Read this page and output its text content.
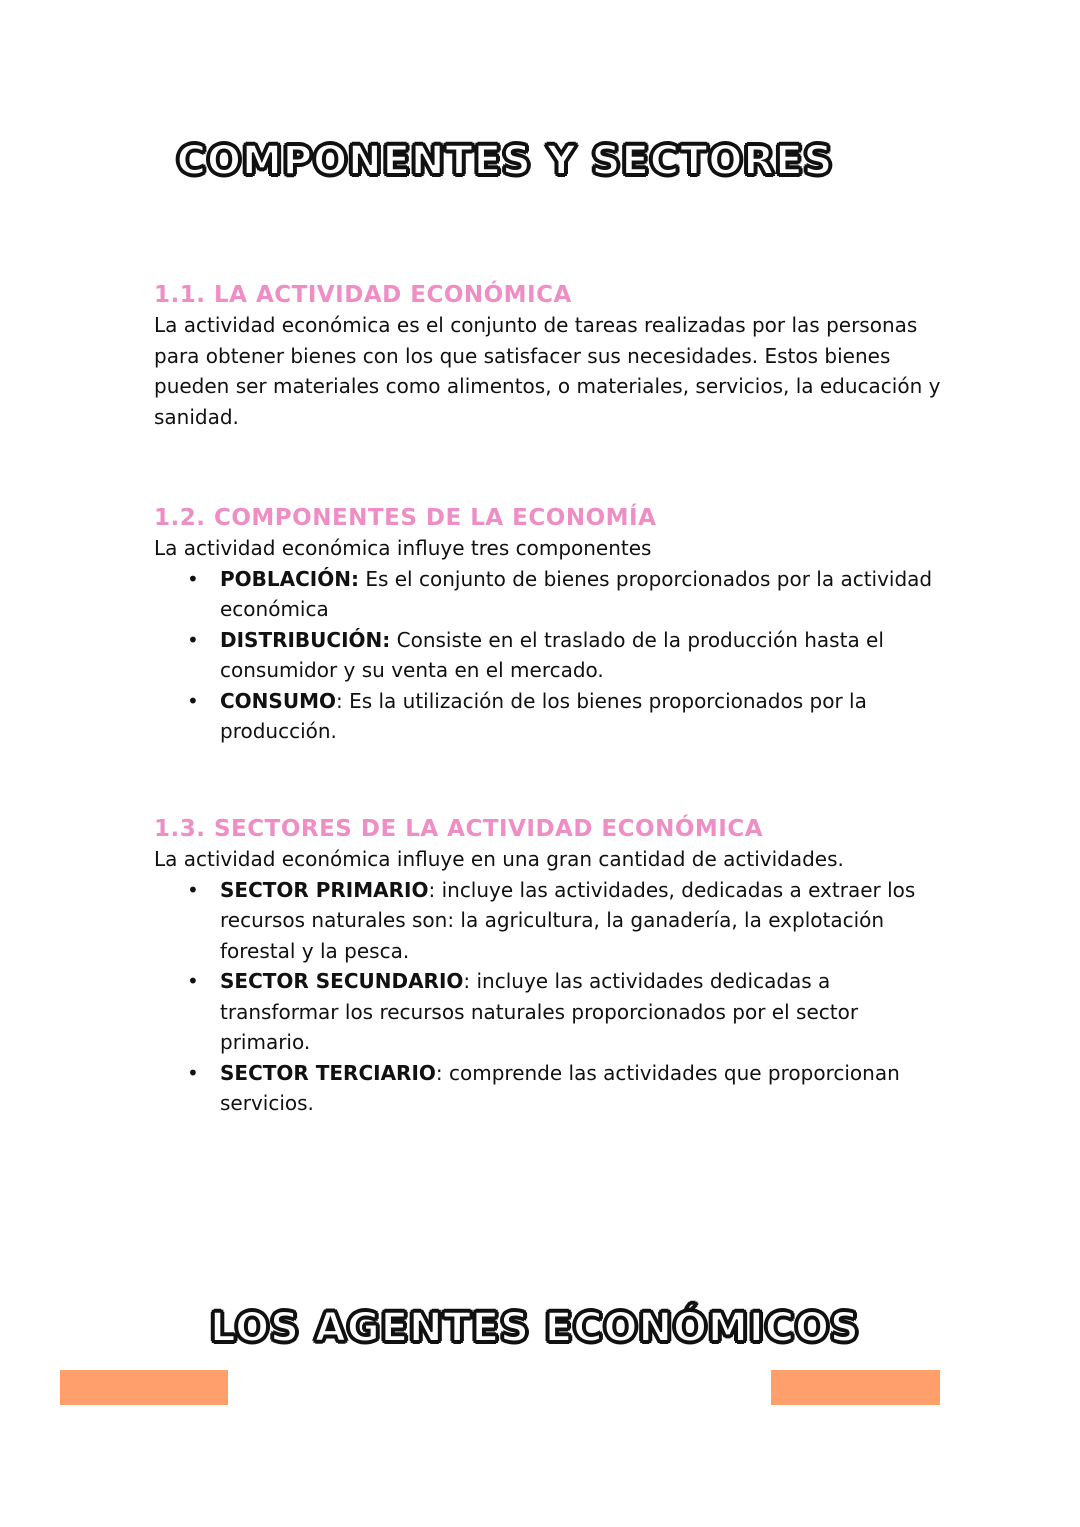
COMPONENTES Y SECTORES
1.1. LA ACTIVIDAD ECONÓMICA

La actividad económica es el conjunto de tareas realizadas por las personas para obtener bienes con los que satisfacer sus necesidades. Estos bienes pueden ser materiales como alimentos, o materiales, servicios, la educación y sanidad.

1.2. COMPONENTES DE LA ECONOMÍA

La actividad económica influye tres componentes

• POBLACIÓN: Es el conjunto de bienes proporcionados por la actividad económica
• DISTRIBUCIÓN: Consiste en el traslado de la producción hasta el consumidor y su venta en el mercado.
• CONSUMO: Es la utilización de los bienes proporcionados por la producción.
1.3. SECTORES DE LA ACTIVIDAD ECONÓMICA

La actividad económica influye en una gran cantidad de actividades.

• SECTOR PRIMARIO: incluye las actividades, dedicadas a extraer los recursos naturales son: la agricultura, la ganadería, la explotación forestal y la pesca.
• SECTOR SECUNDARIO: incluye las actividades dedicadas a transformar los recursos naturales proporcionados por el sector primario.
• SECTOR TERCIARIO: comprende las actividades que proporcionan servicios.
LOS AGENTES ECONÓMICOS
